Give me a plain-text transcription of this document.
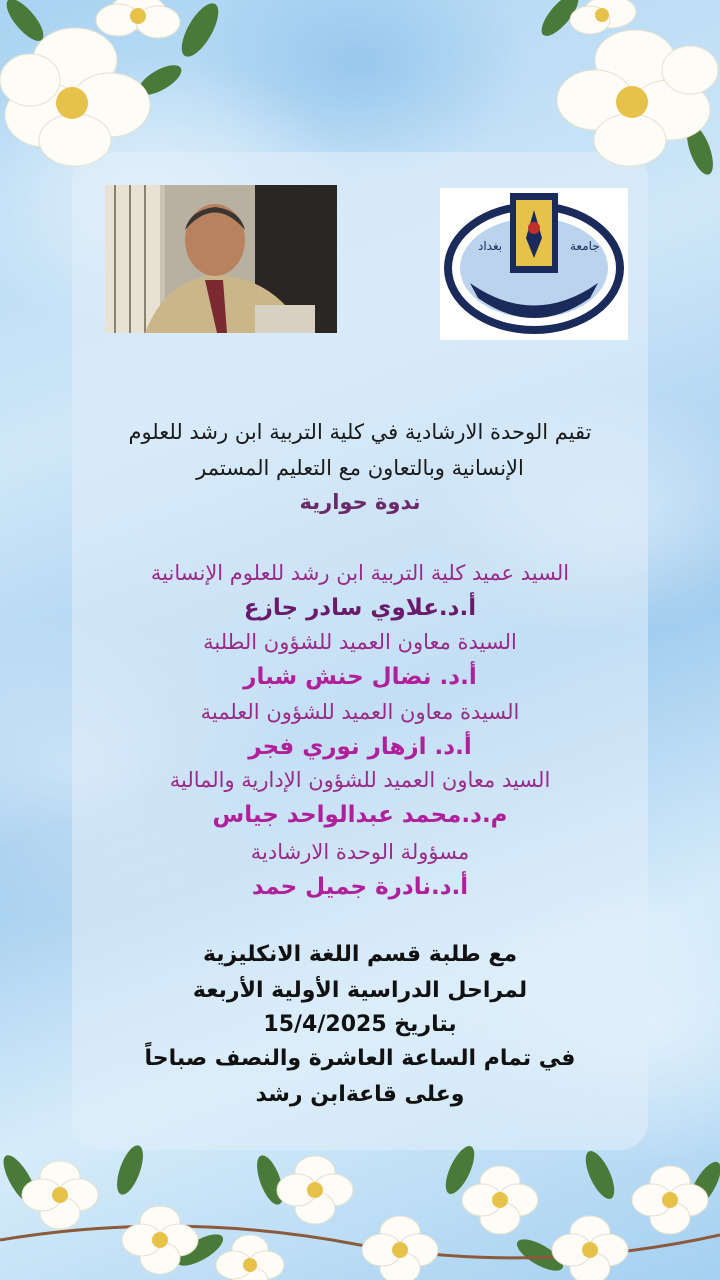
بغداد	جامعة
تقيم الوحدة الارشادية في كلية التربية ابن رشد للعلوم
الإنسانية وبالتعاون مع التعليم المستمر
ندوة حوارية
السيد عميد كلية التربية ابن رشد للعلوم الإنسانية
أ.د.علاوي سادر جازع
السيدة معاون العميد للشؤون الطلبة
أ.د. نضال حنش شبار
السيدة معاون العميد للشؤون العلمية
أ.د. ازهار نوري فجر
السيد معاون العميد للشؤون الإدارية والمالية
م.د.محمد عبدالواحد جياس
مسؤولة الوحدة الارشادية
أ.د.نادرة جميل حمد
مع طلبة قسم اللغة الانكليزية
لمراحل الدراسية الأولية الأربعة
بتاريخ 15/4/2025
في تمام الساعة العاشرة والنصف صباحاً
وعلى قاعةابن رشد
